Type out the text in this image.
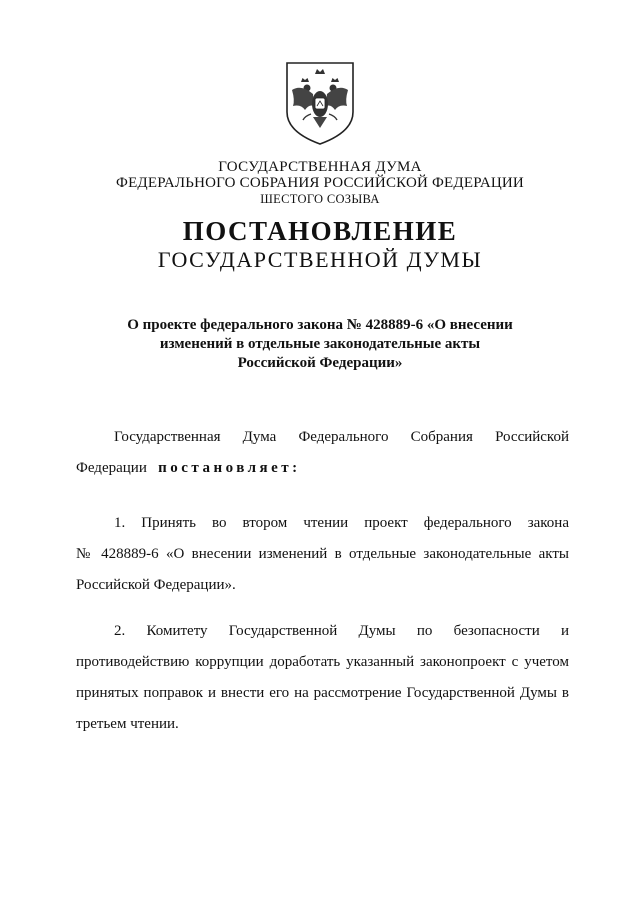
ГОСУДАРСТВЕННАЯ ДУМА
ФЕДЕРАЛЬНОГО СОБРАНИЯ РОССИЙСКОЙ ФЕДЕРАЦИИ
ШЕСТОГО СОЗЫВА
ПОСТАНОВЛЕНИЕ
ГОСУДАРСТВЕННОЙ ДУМЫ
О проекте федерального закона № 428889-6 «О внесении
изменений в отдельные законодательные акты
Российской Федерации»

Государственная Дума Федерального Собрания Российской

Федерации постановляет:

1. Принять во втором чтении проект федерального закона

№ 428889-6 «О внесении изменений в отдельные законодательные акты

Российской Федерации».

2. Комитету Государственной Думы по безопасности и

противодействию коррупции доработать указанный законопроект с учетом

принятых поправок и внести его на рассмотрение Государственной Думы в

третьем чтении.
